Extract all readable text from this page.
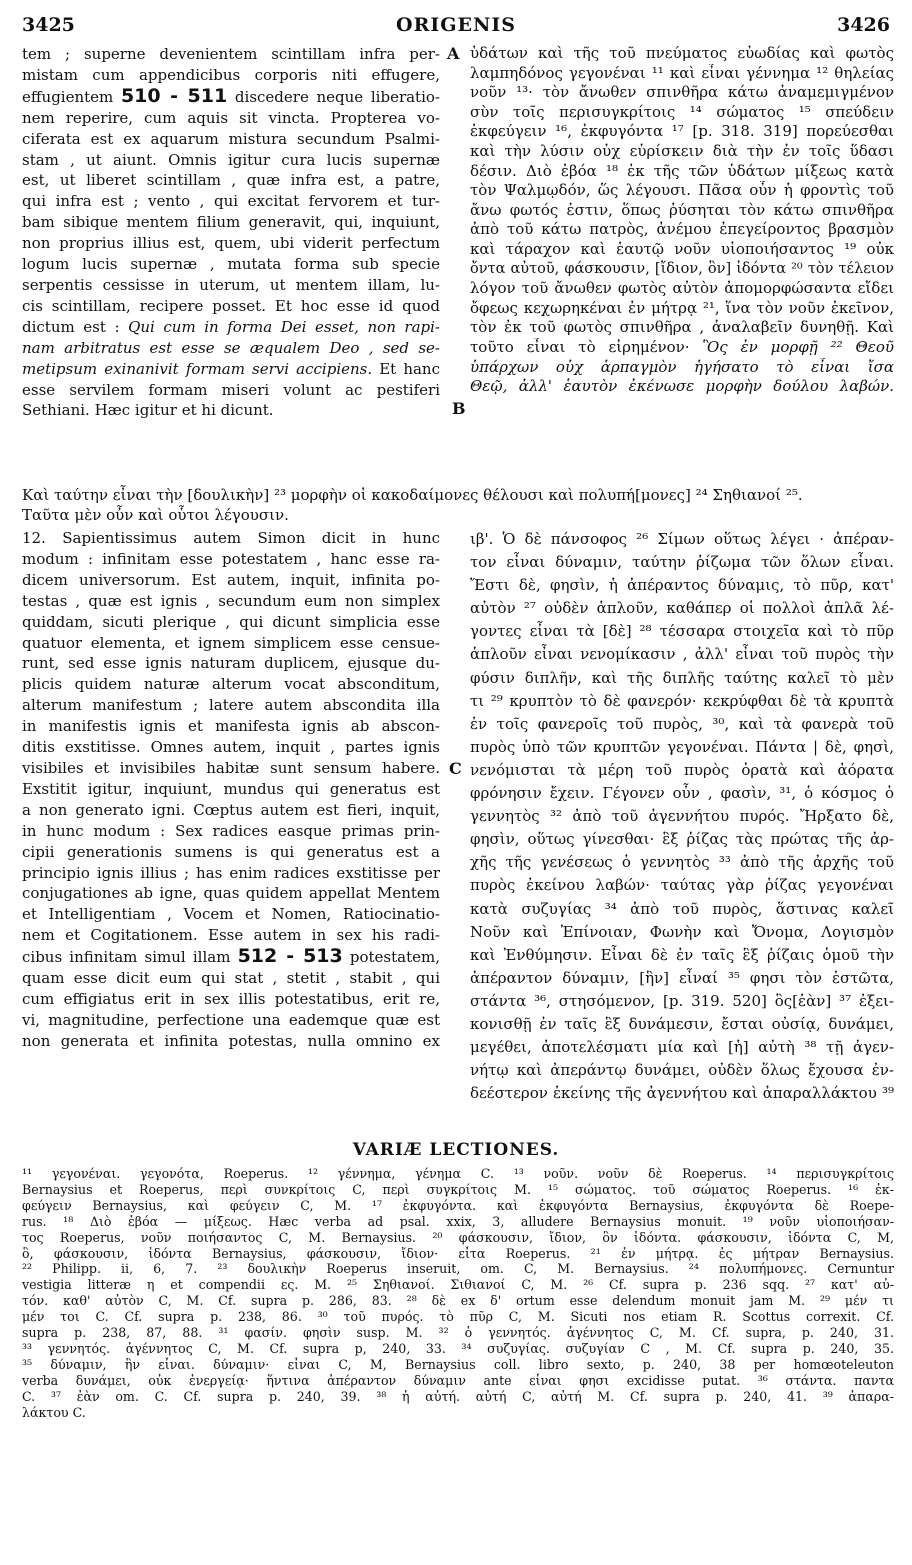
3425	ORIGENIS	3426
tem ; superne devenientem scintillam infra per-
mistam cum appendicibus corporis niti effugere,
effugientem 510 - 511 discedere neque liberatio-
nem reperire, cum aquis sit vincta. Propterea vo-
ciferata est ex aquarum mistura secundum Psalmi-
stam , ut aiunt. Omnis igitur cura lucis supernæ
est, ut liberet scintillam , quæ infra est, a patre,
qui infra est ; vento , qui excitat fervorem et tur-
bam sibique mentem filium generavit, qui, inquiunt,
non proprius illius est, quem, ubi viderit perfectum
logum lucis supernæ , mutata forma sub specie
serpentis cessisse in uterum, ut mentem illam, lu-
cis scintillam, recipere posset. Et hoc esse id quod
dictum est : Qui cum in forma Dei esset, non rapi-
nam arbitratus est esse se æqualem Deo , sed se-
metipsum exinanivit formam servi accipiens. Et hanc
esse servilem formam miseri volunt ac pestiferi
Sethiani. Hæc igitur et hi dicunt.
A
B
C
ὑδάτων καὶ τῆς τοῦ πνεύματος εὐωδίας καὶ φωτὸς
λαμπηδόνος γεγονέναι ¹¹ καὶ εἶναι γέννημα ¹² θηλείας
νοῦν ¹³· τὸν ἄνωθεν σπινθῆρα κάτω ἀναμεμιγμένον
σὺν τοῖς περισυγκρίτοις ¹⁴ σώματος ¹⁵ σπεύδειν
ἐκφεύγειν ¹⁶, ἐκφυγόντα ¹⁷ [p. 318. 319] πορεύεσθαι
καὶ τὴν λύσιν οὐχ εὑρίσκειν διὰ τὴν ἐν τοῖς ὕδασι
δέσιν. Διὸ ἐβόα ¹⁸ ἐκ τῆς τῶν ὑδάτων μίξεως κατὰ
τὸν Ψαλμῳδόν, ὥς λέγουσι. Πᾶσα οὖν ἡ φροντὶς τοῦ
ἄνω φωτός ἐστιν, ὅπως ῥύσηται τὸν κάτω σπινθῆρα
ἀπὸ τοῦ κάτω πατρὸς, ἀνέμου ἐπεγείροντος βρασμὸν
καὶ τάραχον καὶ ἑαυτῷ νοῦν υἱοποιήσαντος ¹⁹ οὐκ
ὄντα αὐτοῦ, φάσκουσιν, [ἴδιον, ὃν] ἰδόντα ²⁰ τὸν τέλειον
λόγον τοῦ ἄνωθεν φωτὸς αὐτὸν ἀπομορφώσαντα εἴδει
ὄφεως κεχωρηκέναι ἐν μήτρᾳ ²¹, ἵνα τὸν νοῦν ἐκεῖνον,
τὸν ἐκ τοῦ φωτὸς σπινθῆρα , ἀναλαβεῖν δυνηθῇ. Καὶ
τοῦτο εἶναι τὸ εἰρημένον· Ὃς ἐν μορφῇ ²² Θεοῦ
ὑπάρχων οὐχ ἁρπαγμὸν ἡγήσατο τὸ εἶναι ἴσα
Θεῷ, ἀλλ' ἑαυτὸν ἐκένωσε μορφὴν δούλου λαβών.
Καὶ ταύτην εἶναι τὴν [δουλικὴν] ²³ μορφὴν οἱ κακοδαίμονες θέλουσι καὶ πολυπή[μονες] ²⁴ Σηθιανοί ²⁵.
Ταῦτα μὲν οὖν καὶ οὗτοι λέγουσιν.
12. Sapientissimus autem Simon dicit in hunc
modum : infinitam esse potestatem , hanc esse ra-
dicem universorum. Est autem, inquit, infinita po-
testas , quæ est ignis , secundum eum non simplex
quiddam, sicuti plerique , qui dicunt simplicia esse
quatuor elementa, et ignem simplicem esse censue-
runt, sed esse ignis naturam duplicem, ejusque du-
plicis quidem naturæ alterum vocat absconditum,
alterum manifestum ; latere autem abscondita illa
in manifestis ignis et manifesta ignis ab abscon-
ditis exstitisse. Omnes autem, inquit , partes ignis
visibiles et invisibiles habitæ sunt sensum habere.
Exstitit igitur, inquiunt, mundus qui generatus est
a non generato igni. Cœptus autem est fieri, inquit,
in hunc modum : Sex radices easque primas prin-
cipii generationis sumens is qui generatus est a
principio ignis illius ; has enim radices exstitisse per
conjugationes ab igne, quas quidem appellat Mentem
et Intelligentiam , Vocem et Nomen, Ratiocinatio-
nem et Cogitationem. Esse autem in sex his radi-
cibus infinitam simul illam 512 - 513 potestatem,
quam esse dicit eum qui stat , stetit , stabit , qui
cum effigiatus erit in sex illis potestatibus, erit re,
vi, magnitudine, perfectione una eademque quæ est
non generata et infinita potestas, nulla omnino ex
ιβ'. Ὁ δὲ πάνσοφος ²⁶ Σίμων οὕτως λέγει · ἀπέραν-
τον εἶναι δύναμιν, ταύτην ῥίζωμα τῶν ὅλων εἶναι.
Ἔστι δὲ, φησὶν, ἡ ἀπέραντος δύναμις, τὸ πῦρ, κατ'
αὐτὸν ²⁷ οὐδὲν ἁπλοῦν, καθάπερ οἱ πολλοὶ ἁπλᾶ λέ-
γοντες εἶναι τὰ [δὲ] ²⁸ τέσσαρα στοιχεῖα καὶ τὸ πῦρ
ἁπλοῦν εἶναι νενομίκασιν , ἀλλ' εἶναι τοῦ πυρὸς τὴν
φύσιν διπλῆν, καὶ τῆς διπλῆς ταύτης καλεῖ τὸ μὲν
τι ²⁹ κρυπτὸν τὸ δὲ φανερόν· κεκρύφθαι δὲ τὰ κρυπτὰ
ἐν τοῖς φανεροῖς τοῦ πυρὸς, ³⁰, καὶ τὰ φανερὰ τοῦ
πυρὸς ὑπὸ τῶν κρυπτῶν γεγονέναι. Πάντα | δὲ, φησὶ,
νενόμισται τὰ μέρη τοῦ πυρὸς ὁρατὰ καὶ ἀόρατα
φρόνησιν ἔχειν. Γέγονεν οὖν , φασὶν, ³¹, ὁ κόσμος ὁ
γεννητὸς ³² ἀπὸ τοῦ ἀγεννήτου πυρός. Ἤρξατο δὲ,
φησὶν, οὕτως γίνεσθαι· ἓξ ῥίζας τὰς πρώτας τῆς ἀρ-
χῆς τῆς γενέσεως ὁ γεννητὸς ³³ ἀπὸ τῆς ἀρχῆς τοῦ
πυρὸς ἐκείνου λαβών· ταύτας γὰρ ῥίζας γεγονέναι
κατὰ συζυγίας ³⁴ ἀπὸ τοῦ πυρὸς, ἅστινας καλεῖ
Νοῦν καὶ Ἐπίνοιαν, Φωνὴν καὶ Ὄνομα, Λογισμὸν
καὶ Ἐνθύμησιν. Εἶναι δὲ ἐν ταῖς ἓξ ῥίζαις ὁμοῦ τὴν
ἀπέραντον δύναμιν, [ἣν] εἶναί ³⁵ φησι τὸν ἑστῶτα,
στάντα ³⁶, στησόμενον, [p. 319. 520] ὃς[ἐὰν] ³⁷ ἐξει-
κονισθῇ ἐν ταῖς ἓξ δυνάμεσιν, ἔσται οὐσίᾳ, δυνάμει,
μεγέθει, ἀποτελέσματι μία καὶ [ἡ] αὐτὴ ³⁸ τῇ ἀγεν-
νήτῳ καὶ ἀπεράντῳ δυνάμει, οὐδὲν ὅλως ἔχουσα ἐν-
δεέστερον ἐκείνης τῆς ἀγεννήτου καὶ ἀπαραλλάκτου ³⁹
VARIÆ LECTIONES.
¹¹ γεγονέναι. γεγονότα, Roeperus. ¹² γέννημα, γένημα C. ¹³ νοῦν. νοῦν δὲ Roeperus. ¹⁴ περισυγκρίτοις
Bernaysius et Roeperus, περὶ συνκρίτοις C, περὶ συγκρίτοις M. ¹⁵ σώματος. τοῦ σώματος Roeperus. ¹⁶ ἐκ-
φεύγειν Bernaysius, καὶ φεύγειν C, M. ¹⁷ ἐκφυγόντα. καὶ ἐκφυγόντα Bernaysius, ἐκφυγόντα δὲ Roepe-
rus. ¹⁸ Διὸ ἐβόα — μίξεως. Hæc verba ad psal. xxix, 3, alludere Bernaysius monuit. ¹⁹ νοῦν υἱοποιήσαν-
τος Roeperus, νοῦν ποιήσαντος C, M. Bernaysius. ²⁰ φάσκουσιν, ἴδιον, ὃν ἰδόντα. φάσκουσιν, ἰδόντα C, M,
ὃ, φάσκουσιν, ἰδόντα Bernaysius, φάσκουσιν, ἴδιον· εἶτα Roeperus. ²¹ ἐν μήτρᾳ. ἐς μήτραν Bernaysius.
²² Philipp. ii, 6, 7. ²³ δουλικὴν Roeperus inseruit, om. C, M. Bernaysius. ²⁴ πολυπήμονες. Cernuntur
vestigia litteræ η et compendii ες. M. ²⁵ Σηθιανοί. Σιθιανοί C, M. ²⁶ Cf. supra p. 236 sqq. ²⁷ κατ' αὐ-
τόν. καθ' αὐτὸν C, M. Cf. supra p. 286, 83. ²⁸ δὲ ex δ' ortum esse delendum monuit jam M. ²⁹ μέν τι
μέν τοι C. Cf. supra p. 238, 86. ³⁰ τοῦ πυρός. τὸ πῦρ C, M. Sicuti nos etiam R. Scottus correxit. Cf.
supra p. 238, 87, 88. ³¹ φασίν. φησὶν susp. M. ³² ὁ γεννητός. ἀγέννητος C, M. Cf. supra, p. 240, 31.
³³ γεννητός. ἀγέννητος C, M. Cf. supra p, 240, 33. ³⁴ συζυγίας. συζυγίαν C , M. Cf. supra p. 240, 35.
³⁵ δύναμιν, ἣν εἶναι. δύναμιν· εἶναι C, M, Bernaysius coll. libro sexto, p. 240, 38 per homœoteleuton
verba δυνάμει, οὐκ ἐνεργείᾳ· ἥντινα ἀπέραντον δύναμιν ante εἶναι φησι excidisse putat. ³⁶ στάντα. παντα
C. ³⁷ ἐὰν om. C. Cf. supra p. 240, 39. ³⁸ ἡ αὐτή. αὐτή C, αὐτή M. Cf. supra p. 240, 41. ³⁹ ἀπαρα-
λάκτου C.
